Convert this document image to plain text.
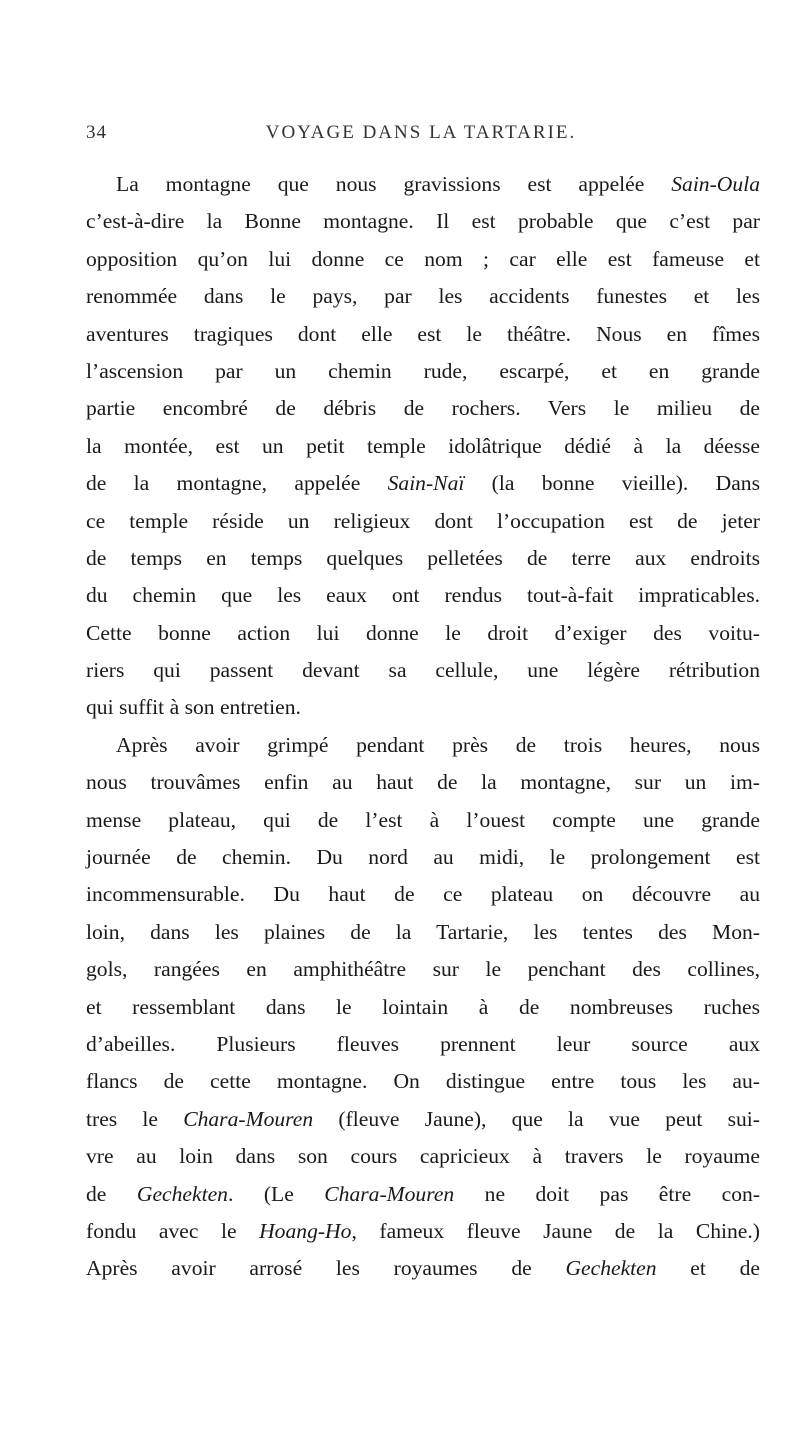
34	VOYAGE DANS LA TARTARIE.
La montagne que nous gravissions est appelée Sain-Oula
c’est-à-dire la Bonne montagne. Il est probable que c’est par
opposition qu’on lui donne ce nom ; car elle est fameuse et
renommée dans le pays, par les accidents funestes et les
aventures tragiques dont elle est le théâtre. Nous en fîmes
l’ascension par un chemin rude, escarpé, et en grande
partie encombré de débris de rochers. Vers le milieu de
la montée, est un petit temple idolâtrique dédié à la déesse
de la montagne, appelée Sain-Naï (la bonne vieille). Dans
ce temple réside un religieux dont l’occupation est de jeter
de temps en temps quelques pelletées de terre aux endroits
du chemin que les eaux ont rendus tout-à-fait impraticables.
Cette bonne action lui donne le droit d’exiger des voitu-
riers qui passent devant sa cellule, une légère rétribution
qui suffit à son entretien.
Après avoir grimpé pendant près de trois heures, nous
nous trouvâmes enfin au haut de la montagne, sur un im-
mense plateau, qui de l’est à l’ouest compte une grande
journée de chemin. Du nord au midi, le prolongement est
incommensurable. Du haut de ce plateau on découvre au
loin, dans les plaines de la Tartarie, les tentes des Mon-
gols, rangées en amphithéâtre sur le penchant des collines,
et ressemblant dans le lointain à de nombreuses ruches
d’abeilles. Plusieurs fleuves prennent leur source aux
flancs de cette montagne. On distingue entre tous les au-
tres le Chara-Mouren (fleuve Jaune), que la vue peut sui-
vre au loin dans son cours capricieux à travers le royaume
de Gechekten. (Le Chara-Mouren ne doit pas être con-
fondu avec le Hoang-Ho, fameux fleuve Jaune de la Chine.)
Après avoir arrosé les royaumes de Gechekten et de
